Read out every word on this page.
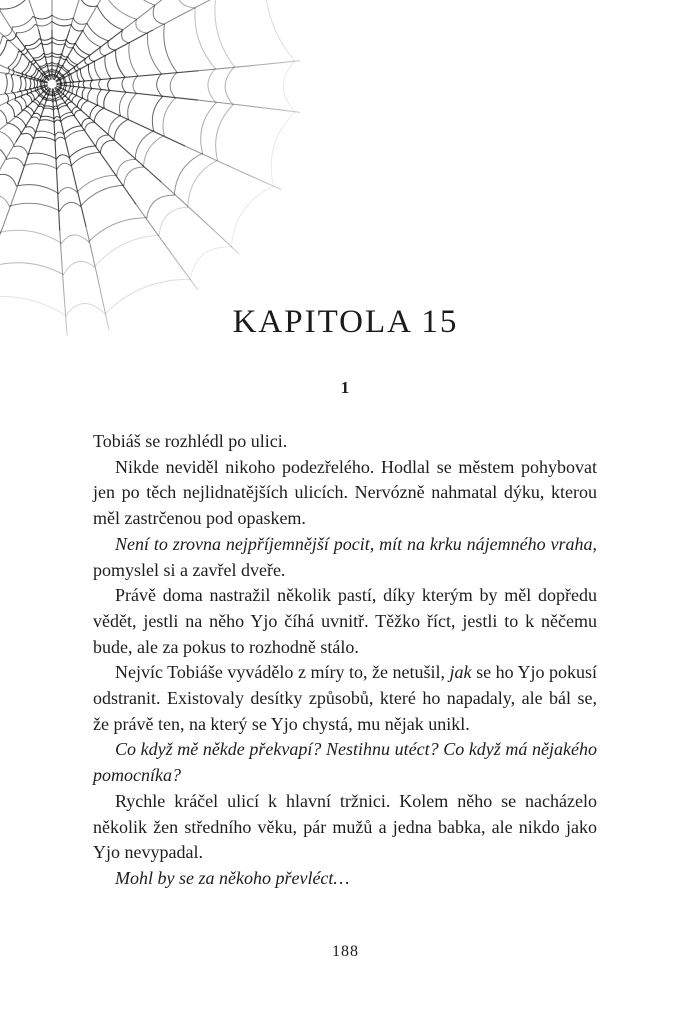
KAPITOLA 15
1

Tobiáš se rozhlédl po ulici.

Nikde neviděl nikoho podezřelého. Hodlal se městem pohybovat jen po těch nejlidnatějších ulicích. Nervózně nahmatal dýku, kterou měl zastrčenou pod opaskem.

Není to zrovna nejpříjemnější pocit, mít na krku nájemného vraha, pomyslel si a zavřel dveře.

Právě doma nastražil několik pastí, díky kterým by měl dopředu vědět, jestli na něho Yjo číhá uvnitř. Těžko říct, jestli to k něčemu bude, ale za pokus to rozhodně stálo.

Nejvíc Tobiáše vyvádělo z míry to, že netušil, jak se ho Yjo pokusí odstranit. Existovaly desítky způsobů, které ho napadaly, ale bál se, že právě ten, na který se Yjo chystá, mu nějak unikl.

Co když mě někde překvapí? Nestihnu utéct? Co když má nějakého pomocníka?

Rychle kráčel ulicí k hlavní tržnici. Kolem něho se nacházelo několik žen středního věku, pár mužů a jedna babka, ale nikdo jako Yjo nevypadal.

Mohl by se za někoho převléct…

188
